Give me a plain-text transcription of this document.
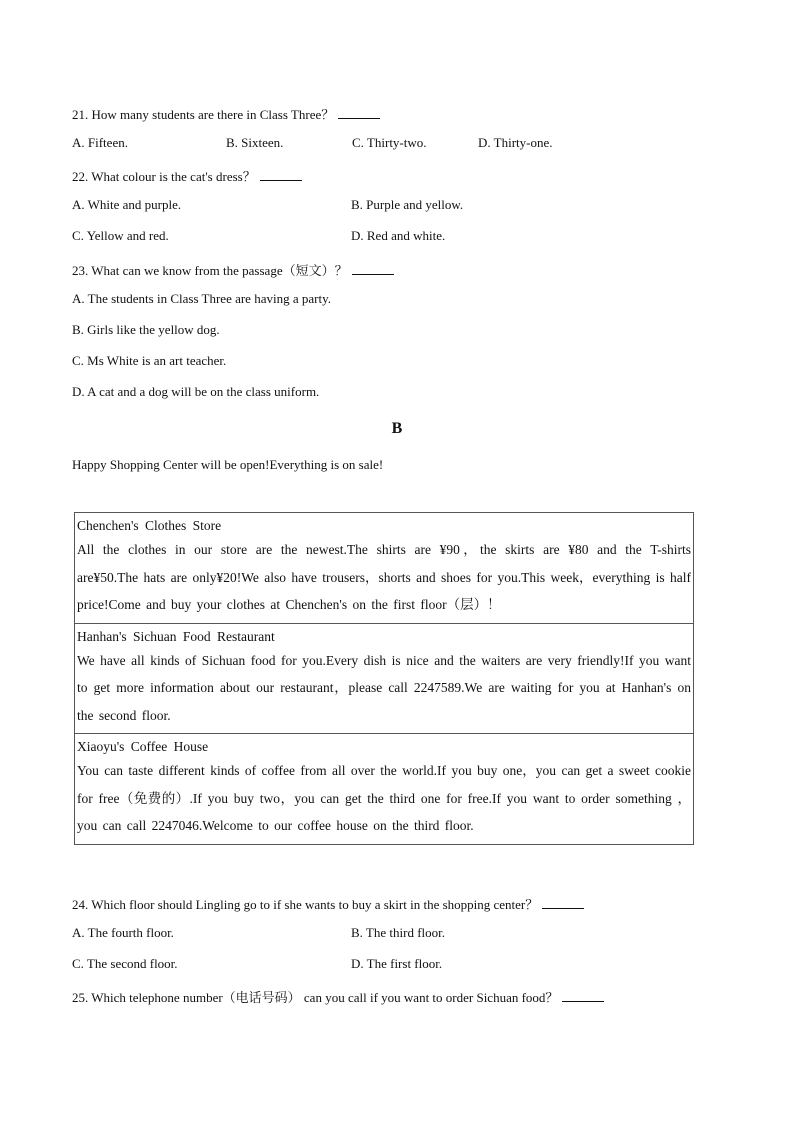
21. How many students are there in Class Three？
A. Fifteen.	B. Sixteen.	C. Thirty-two.	D. Thirty-one.
22. What colour is the cat's dress？
A. White and purple.	B. Purple and yellow.
C. Yellow and red.	D. Red and white.
23. What can we know from the passage（短文）？
A. The students in Class Three are having a party.
B. Girls like the yellow dog.
C. Ms White is an art teacher.
D. A cat and a dog will be on the class uniform.
B
Happy Shopping Center will be open!Everything is on sale!
Chenchen's Clothes Store
All the clothes in our store are the newest.The shirts are ¥90，the skirts are ¥80 and the T-shirts are¥50.The hats are only¥20!We also have trousers，shorts and shoes for you.This week，everything is half price!Come and buy your clothes at Chenchen's on the first floor（层）！
Hanhan's Sichuan Food Restaurant
We have all kinds of Sichuan food for you.Every dish is nice and the waiters are very friendly!If you want to get more information about our restaurant，please call 2247589.We are waiting for you at Hanhan's on the second floor.
Xiaoyu's Coffee House
You can taste different kinds of coffee from all over the world.If you buy one，you can get a sweet cookie for free（免费的）.If you buy two，you can get the third one for free.If you want to order something ，you can call 2247046.Welcome to our coffee house on the third floor.
24. Which floor should Lingling go to if she wants to buy a skirt in the shopping center？
A. The fourth floor.	B. The third floor.
C. The second floor.	D. The first floor.
25. Which telephone number（电话号码） can you call if you want to order Sichuan food？
